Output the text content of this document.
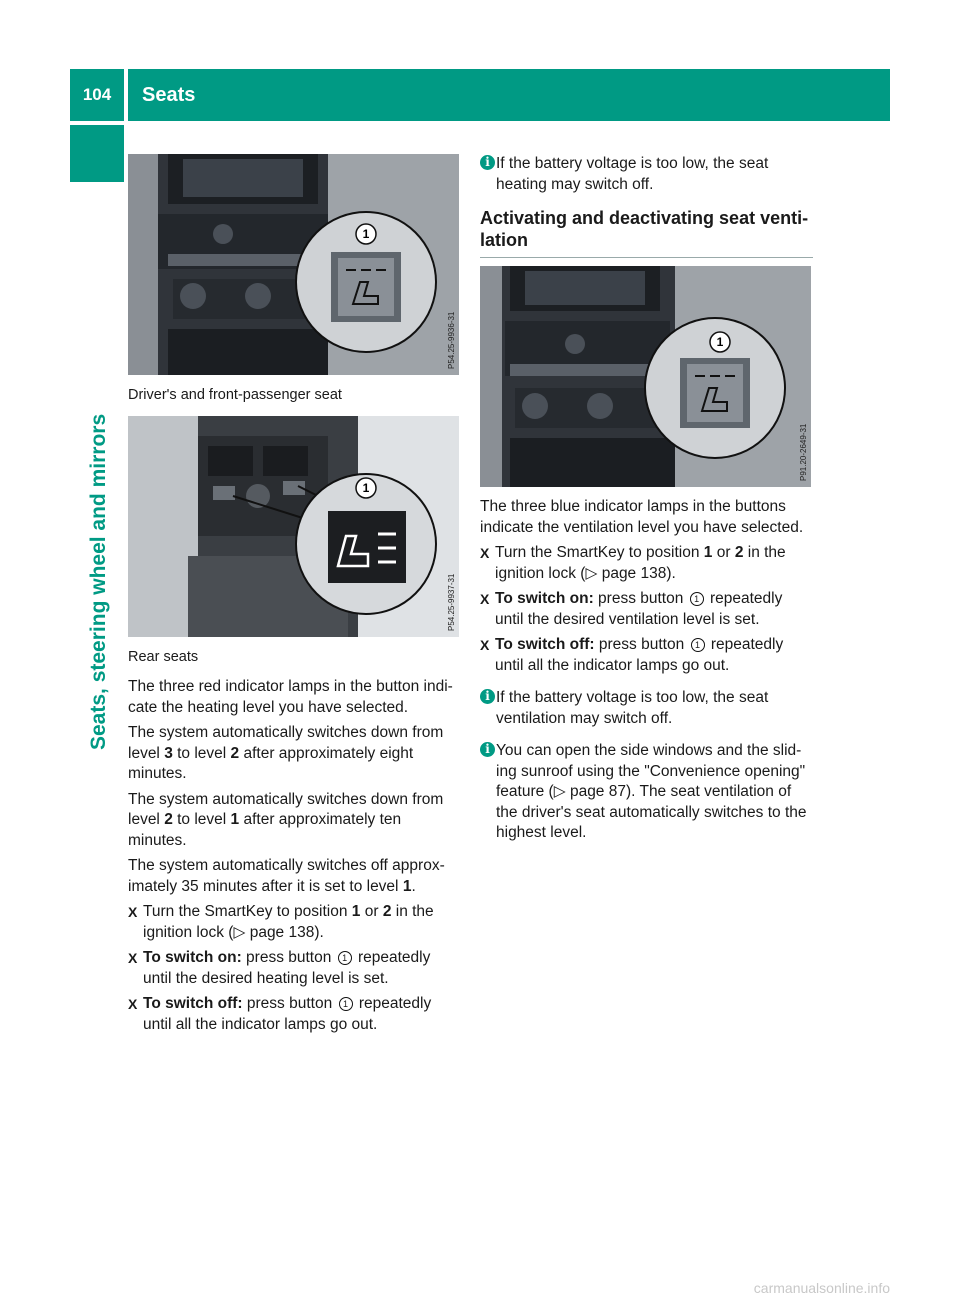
104	Seats
Seats, steering wheel and mirrors
1
P54.25-9936-31
Driver's and front-passenger seat
1
P54.25-9937-31
Rear seats

The three red indicator lamps in the button indi-cate the heating level you have selected.

The system automatically switches down from level 3 to level 2 after approximately eight minutes.

The system automatically switches down from level 2 to level 1 after approximately ten minutes.

The system automatically switches off approx-imately 35 minutes after it is set to level 1.

X Turn the SmartKey to position 1 or 2 in the ignition lock (▷ page 138).
X To switch on: press button 1 repeatedly until the desired heating level is set.
X To switch off: press button 1 repeatedly until all the indicator lamps go out.
i If the battery voltage is too low, the seat heating may switch off.
Activating and deactivating seat venti-lation
1
P91.20-2649-31

The three blue indicator lamps in the buttons indicate the ventilation level you have selected.

X Turn the SmartKey to position 1 or 2 in the ignition lock (▷ page 138).
X To switch on: press button 1 repeatedly until the desired ventilation level is set.
X To switch off: press button 1 repeatedly until all the indicator lamps go out.
i If the battery voltage is too low, the seat ventilation may switch off.
i You can open the side windows and the slid-ing sunroof using the "Convenience opening" feature (▷ page 87). The seat ventilation of the driver's seat automatically switches to the highest level.
carmanualsonline.info
